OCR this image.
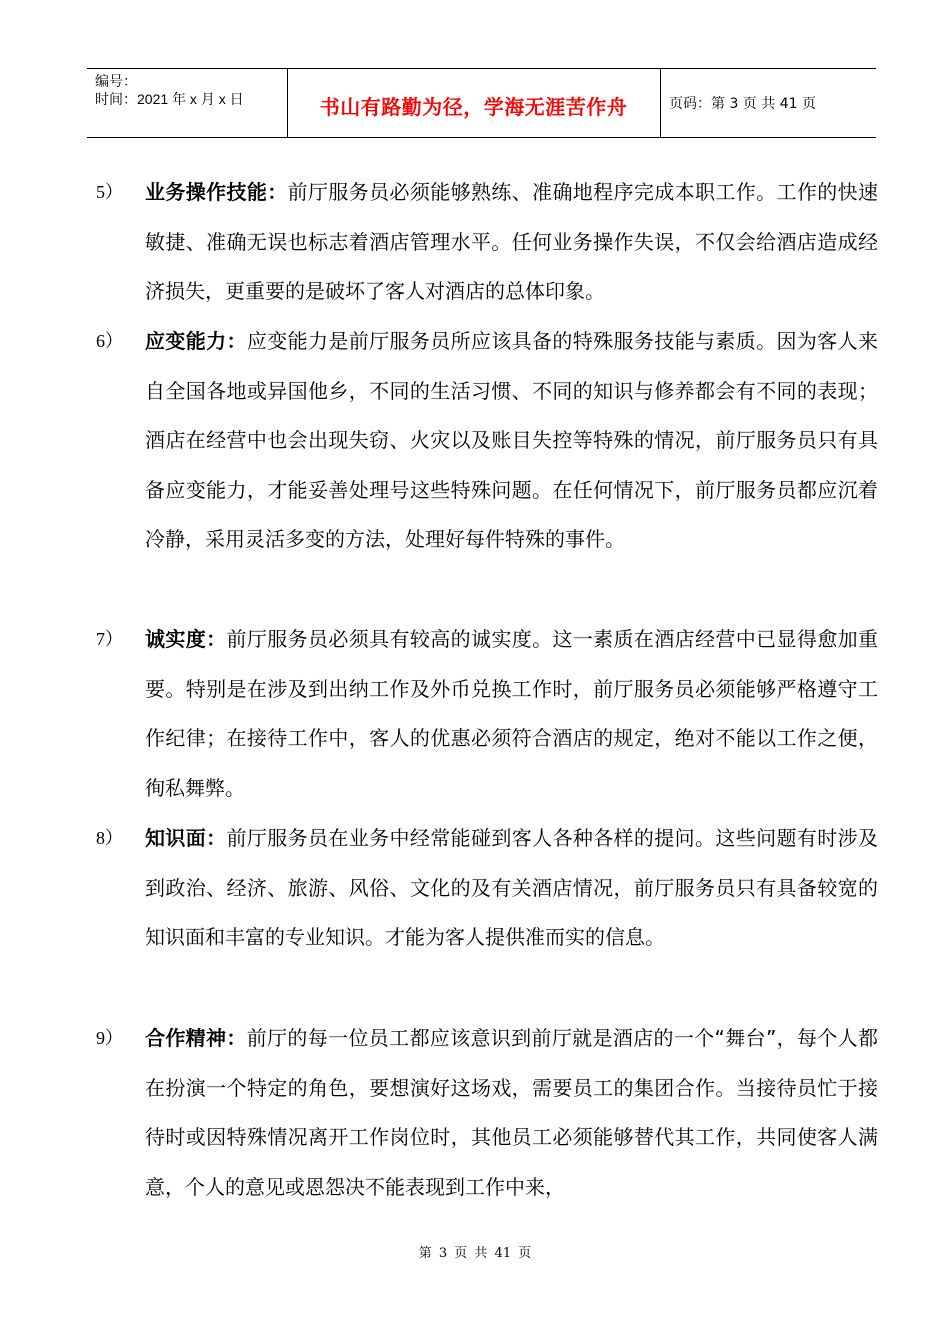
编号：
时间：2021 年 x 月 x 日	书山有路勤为径，学海无涯苦作舟	页码：第 3 页 共 41 页
5） 业务操作技能：前厅服务员必须能够熟练、准确地程序完成本职工作。工作的快速敏捷、准确无误也标志着酒店管理水平。任何业务操作失误，不仅会给酒店造成经济损失，更重要的是破坏了客人对酒店的总体印象。
6） 应变能力：应变能力是前厅服务员所应该具备的特殊服务技能与素质。因为客人来自全国各地或异国他乡，不同的生活习惯、不同的知识与修养都会有不同的表现；酒店在经营中也会出现失窃、火灾以及账目失控等特殊的情况，前厅服务员只有具备应变能力，才能妥善处理号这些特殊问题。在任何情况下，前厅服务员都应沉着冷静，采用灵活多变的方法，处理好每件特殊的事件。
7） 诚实度：前厅服务员必须具有较高的诚实度。这一素质在酒店经营中已显得愈加重要。特别是在涉及到出纳工作及外币兑换工作时，前厅服务员必须能够严格遵守工作纪律；在接待工作中，客人的优惠必须符合酒店的规定，绝对不能以工作之便，徇私舞弊。
8） 知识面：前厅服务员在业务中经常能碰到客人各种各样的提问。这些问题有时涉及到政治、经济、旅游、风俗、文化的及有关酒店情况，前厅服务员只有具备较宽的知识面和丰富的专业知识。才能为客人提供准而实的信息。
9） 合作精神：前厅的每一位员工都应该意识到前厅就是酒店的一个“舞台”，每个人都在扮演一个特定的角色，要想演好这场戏，需要员工的集团合作。当接待员忙于接待时或因特殊情况离开工作岗位时，其他员工必须能够替代其工作，共同使客人满意，个人的意见或恩怨决不能表现到工作中来，
第 3 页 共 41 页
